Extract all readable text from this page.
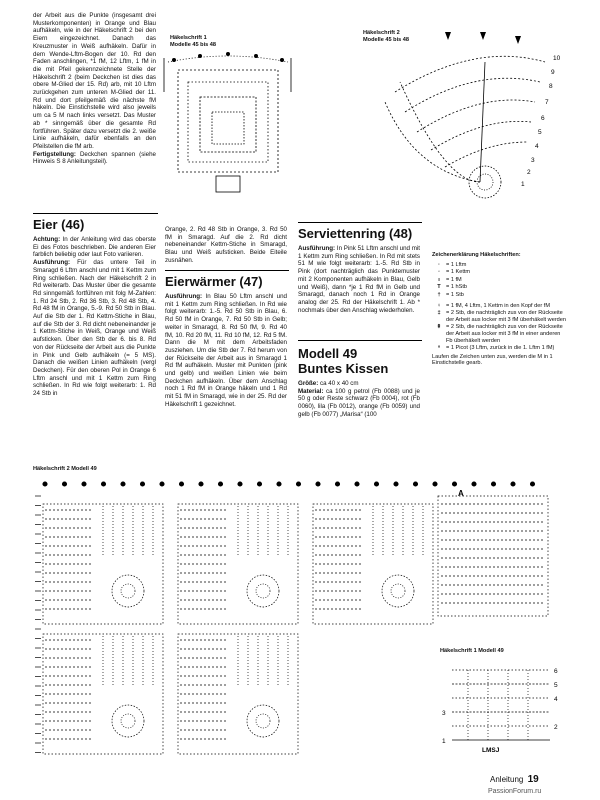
der Arbeit aus die Punkte (insgesamt drei Musterkomponenten) in Orange und Blau aufhäkeln, wie in der Häkelschrift 2 bei den Eiern eingezeichnet. Danach das Kreuzmuster in Weiß aufhäkeln. Dafür in dem Wende-Lftm-Bogen der 10. Rd den Faden anschlingen, *1 fM, 12 Lftm, 1 fM in die mit Pfeil gekennzeichnete Stelle der Häkelschrift 2 (beim Deckchen ist dies das obere M-Glied der 15. Rd) arb, mit 10 Lftm zurückgehen zum unteren M-Glied der 11. Rd und dort pfeilgemäß die nächste fM häkeln. Die Einstichstelle wird also jeweils um ca 5 M nach links versetzt. Das Muster ab * sinngemäß über die gesamte Rd fortführen. Später dazu versetzt die 2. weiße Linie aufhäkeln, dafür ebenfalls an den Pfeilstellen die fM arb.

Fertigstellung: Deckchen spannen (siehe Hinweis S 8 Anleitungsteil).

Häkelschrift 1
Modelle 45 bis 48
Häkelschrift 2
Modelle 45 bis 48
10
9
8
7
6
5
4
3
2
1
Eier (46)

Achtung: In der Anleitung wird das oberste Ei des Fotos beschrieben. Die anderen Eier farblich beliebig oder laut Foto variieren.

Ausführung: Für das untere Teil in Smaragd 6 Lftm anschl und mit 1 Kettm zum Ring schließen. Nach der Häkelschrift 2 in Rd weiterarb. Das Muster über die gesamte Rd sinngemäß fortführen mit folg M-Zahlen: 1. Rd 24 Stb, 2. Rd 36 Stb, 3. Rd 48 Stb, 4. Rd 48 fM in Orange, 5.-9. Rd 50 Stb in Blau. Auf die Stb der 1. Rd Kettm-Stiche in Blau, auf die Stb der 3. Rd dicht nebeneinander je 1 Kettm-Stiche in Weiß, Orange und Weiß aufsticken. Über den Stb der 6. bis 8. Rd von der Rückseite der Arbeit aus die Punkte in Pink und Gelb aufhäkeln (= 5 MS). Danach die weißen Linien aufhäkeln (vergl Deckchen). Für den oberen Pol in Orange 6 Lftm anschl und mit 1 Kettm zum Ring schließen. In Rd wie folgt weiterarb: 1. Rd 24 Stb in

Orange, 2. Rd 48 Stb in Orange, 3. Rd 50 fM in Smaragd. Auf die 2. Rd dicht nebeneinander Kettm-Stiche in Smaragd, Blau und Weiß aufsticken. Beide Eiteile zusnähen.

Eierwärmer (47)

Ausführung: In Blau 50 Lftm anschl und mit 1 Kettm zum Ring schließen. In Rd wie folgt weiterarb: 1.-5. Rd 50 Stb in Blau, 6. Rd 50 fM in Orange, 7. Rd 50 Stb in Gelb; weiter in Smaragd, 8. Rd 50 fM, 9. Rd 40 fM, 10. Rd 20 fM, 11. Rd 10 fM, 12. Rd 5 fM. Dann die M mit dem Arbeitsfaden zusziehen. Um die Stb der 7. Rd herum von der Rückseite der Arbeit aus in Smaragd 1 Rd fM aufhäkeln. Muster mit Punkten (pink und gelb) und weißen Linien wie beim Deckchen aufhäkeln. Über dem Anschlag noch 1 Rd fM in Orange häkeln und 1 Rd mit 51 fM in Smaragd, wie in der 25. Rd der Häkelschrift 1 gezeichnet.

Serviettenring (48)

Ausführung: In Pink 51 Lftm anschl und mit 1 Kettm zum Ring schließen. In Rd mit stets 51 M wie folgt weiterarb: 1.-5. Rd Stb in Pink (dort nachträglich das Punktemuster mit 2 Komponenten aufhäkeln in Blau, Gelb und Weiß), dann *je 1 Rd fM in Gelb und Smaragd, danach noch 1 Rd in Orange analog der 25. Rd der Häkelschrift 1. Ab * nochmals über den Anschlag wiederholen.

Modell 49
Buntes Kissen

Größe: ca 40 x 40 cm

Material: ca 100 g petrol (Fb 0088) und je 50 g oder Reste schwarz (Fb 0004), rot (Fb 0060), lila (Fb 0012), orange (Fb 0059) und gelb (Fb 0077) „Marisa“ (100

Zeichenerklärung Häkelschriften:
·	= 1 Lftm
◦	= 1 Kettm
ı	= 1 fM
T = 1 hStb
† = 1 Stb
♀ = 1 fM, 4 Lftm, 1 Kettm in den Kopf der fM
‡ = 2 Stb, die nachträglich zus von der Rückseite der Arbeit aus locker mit 3 fM überhäkelt werden
⇞ = 2 Stb, die nachträglich zus von der Rückseite der Arbeit aus locker mit 3 fM in einer anderen Fb überhäkelt werden
ᵒ	= 1 Picot (3 Lftm, zurück in die 1. Lftm 1 fM)
Laufen die Zeichen unten zus, werden die M in 1 Einstichstelle gearb.
Häkelschrift 2 Modell 49
A
Häkelschrift 1 Modell 49
6
5
4
3
2
1
LMSJ
Anleitung 19
PassionForum.ru
